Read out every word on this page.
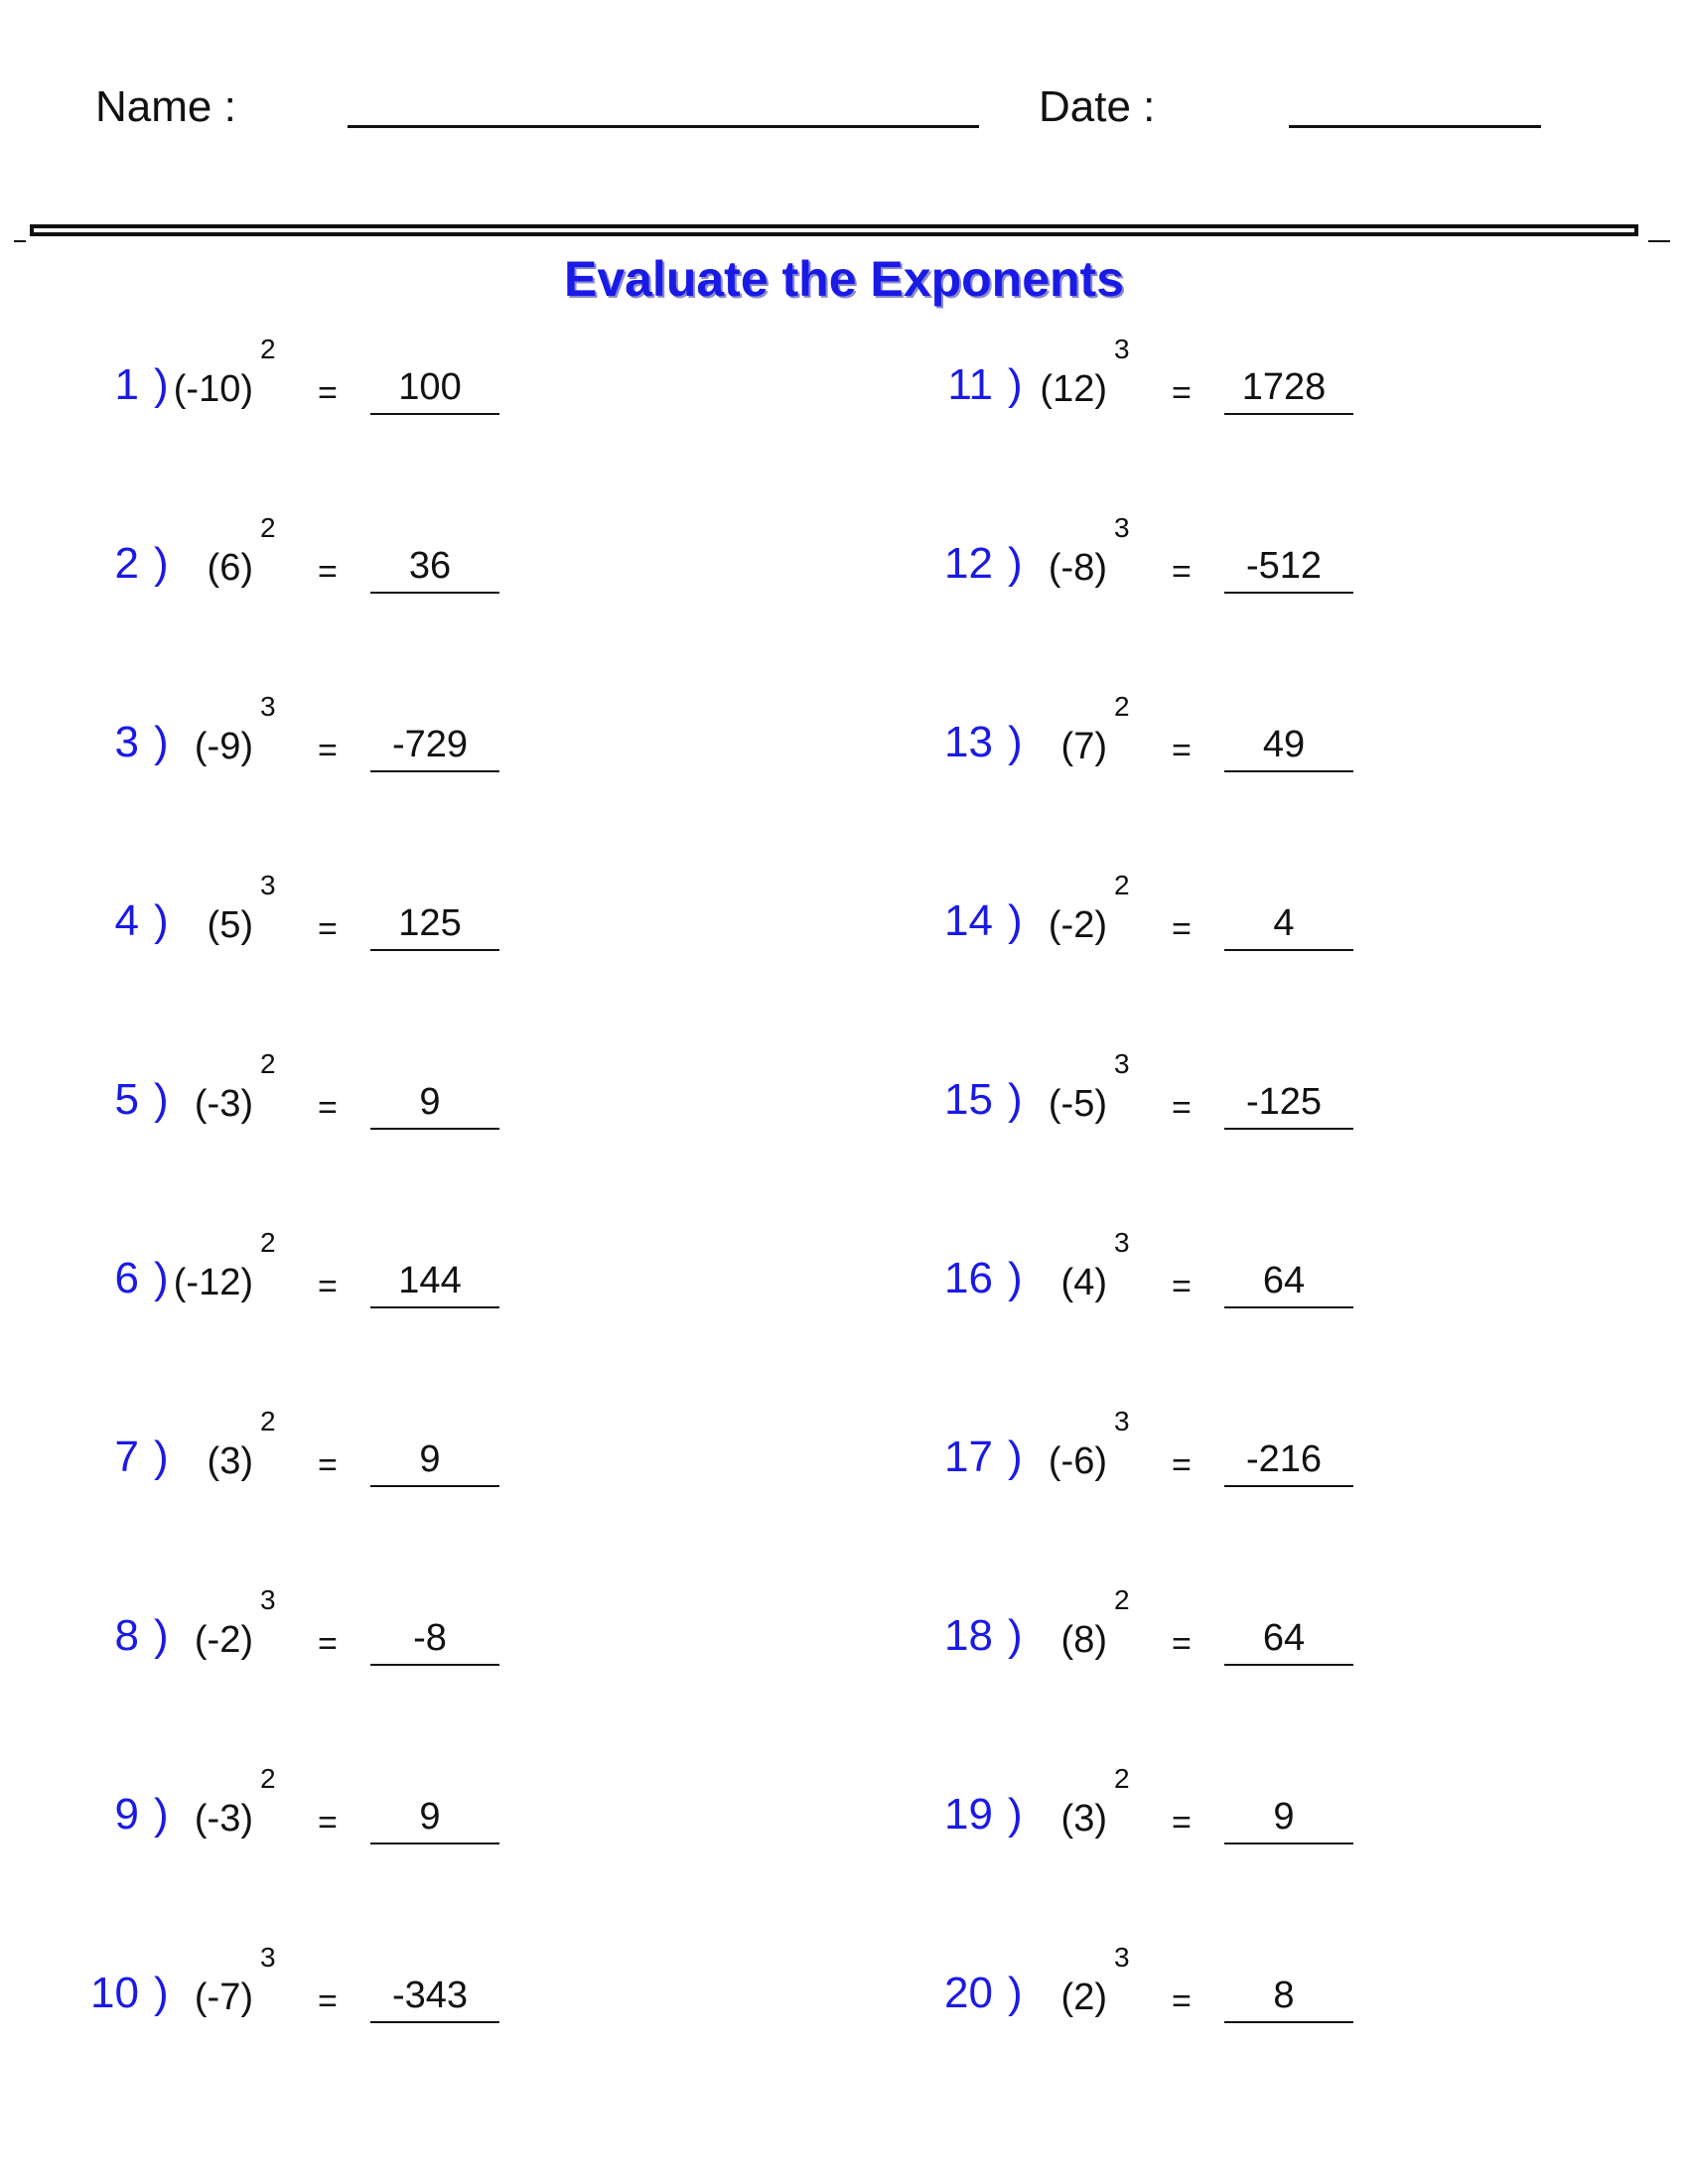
Name :	Date :
Evaluate the Exponents
1 ) (-10)
2
=	100
2 ) (6)
2
=	36
3 ) (-9)
3
=	-729
4 ) (5)
3
=	125
5 ) (-3)
2
=	9
6 ) (-12)
2
=	144
7 ) (3)
2
=	9
8 ) (-2)
3
=	-8
9 ) (-3)
2
=	9
10 ) (-7)
3
=	-343
11 ) (12)
3
=	1728
12 ) (-8)
3
=	-512
13 ) (7)
2
=	49
14 ) (-2)
2
=	4
15 ) (-5)
3
=	-125
16 ) (4)
3
=	64
17 ) (-6)
3
=	-216
18 ) (8)
2
=	64
19 ) (3)
2
=	9
20 ) (2)
3
=	8
